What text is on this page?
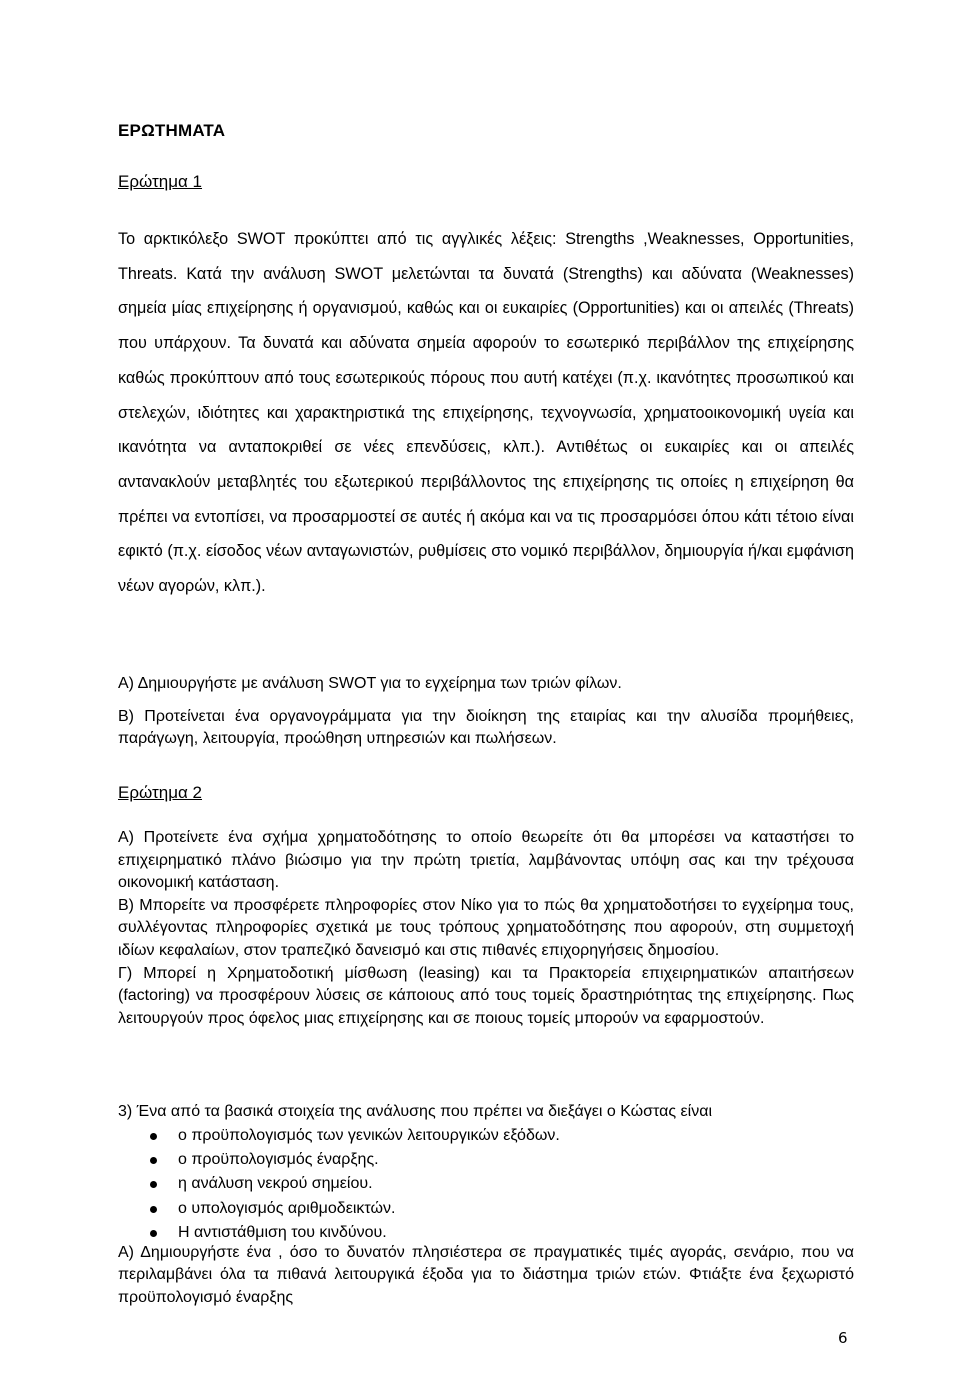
ΕΡΩΤΗΜΑΤΑ
Ερώτημα 1

Το αρκτικόλεξο SWOT προκύπτει από τις αγγλικές λέξεις: Strengths ,Weaknesses, Opportunities, Threats. Κατά την ανάλυση SWOT μελετώνται τα δυνατά (Strengths) και αδύνατα (Weaknesses) σημεία μίας επιχείρησης ή οργανισμού, καθώς και οι ευκαιρίες (Opportunities) και οι απειλές (Threats) που υπάρχουν. Τα δυνατά και αδύνατα σημεία αφορούν το εσωτερικό περιβάλλον της επιχείρησης καθώς προκύπτουν από τους εσωτερικούς πόρους που αυτή κατέχει (π.χ. ικανότητες προσωπικού και στελεχών, ιδιότητες και χαρακτηριστικά της επιχείρησης, τεχνογνωσία, χρηματοοικονομική υγεία και ικανότητα να ανταποκριθεί σε νέες επενδύσεις, κλπ.). Αντιθέτως οι ευκαιρίες και οι απειλές αντανακλούν μεταβλητές του εξωτερικού περιβάλλοντος της επιχείρησης τις οποίες η επιχείρηση θα πρέπει να εντοπίσει, να προσαρμοστεί σε αυτές ή ακόμα και να τις προσαρμόσει όπου κάτι τέτοιο είναι εφικτό (π.χ. είσοδος νέων ανταγωνιστών, ρυθμίσεις στο νομικό περιβάλλον, δημιουργία ή/και εμφάνιση νέων αγορών, κλπ.).

Α) Δημιουργήστε με ανάλυση SWOT για το εγχείρημα των τριών φίλων.

Β) Προτείνεται ένα οργανογράμματα για την διοίκηση της εταιρίας και την αλυσίδα προμήθειες, παράγωγη, λειτουργία, προώθηση υπηρεσιών και πωλήσεων.

Ερώτημα 2

Α) Προτείνετε ένα σχήμα χρηματοδότησης το οποίο θεωρείτε ότι θα μπορέσει να καταστήσει το επιχειρηματικό πλάνο βιώσιμο για την πρώτη τριετία, λαμβάνοντας υπόψη σας και την τρέχουσα οικονομική κατάσταση.

Β) Μπορείτε να προσφέρετε πληροφορίες στον Νίκο για το πώς θα χρηματοδοτήσει το εγχείρημα τους, συλλέγοντας πληροφορίες σχετικά με τους τρόπους χρηματοδότησης που αφορούν, στη συμμετοχή ιδίων κεφαλαίων, στον τραπεζικό δανεισμό και στις πιθανές επιχορηγήσεις δημοσίου.

Γ) Μπορεί η Χρηματοδοτική μίσθωση (leasing) και τα Πρακτορεία επιχειρηματικών απαιτήσεων (factoring) να προσφέρουν λύσεις σε κάποιους από τους τομείς δραστηριότητας της επιχείρησης. Πως λειτουργούν προς όφελος μιας επιχείρησης και σε ποιους τομείς μπορούν να εφαρμοστούν.

3) Ένα από τα βασικά στοιχεία της ανάλυσης που πρέπει να διεξάγει ο Κώστας είναι

ο προϋπολογισμός των γενικών λειτουργικών εξόδων.
ο προϋπολογισμός έναρξης.
η ανάλυση νεκρού σημείου.
ο υπολογισμός αριθμοδεικτών.
Η αντιστάθμιση του κινδύνου.

Α) Δημιουργήστε ένα , όσο το δυνατόν πλησιέστερα σε πραγματικές τιμές αγοράς, σενάριο, που να περιλαμβάνει όλα τα πιθανά λειτουργικά έξοδα για το διάστημα τριών ετών. Φτιάξτε ένα ξεχωριστό προϋπολογισμό έναρξης

6
